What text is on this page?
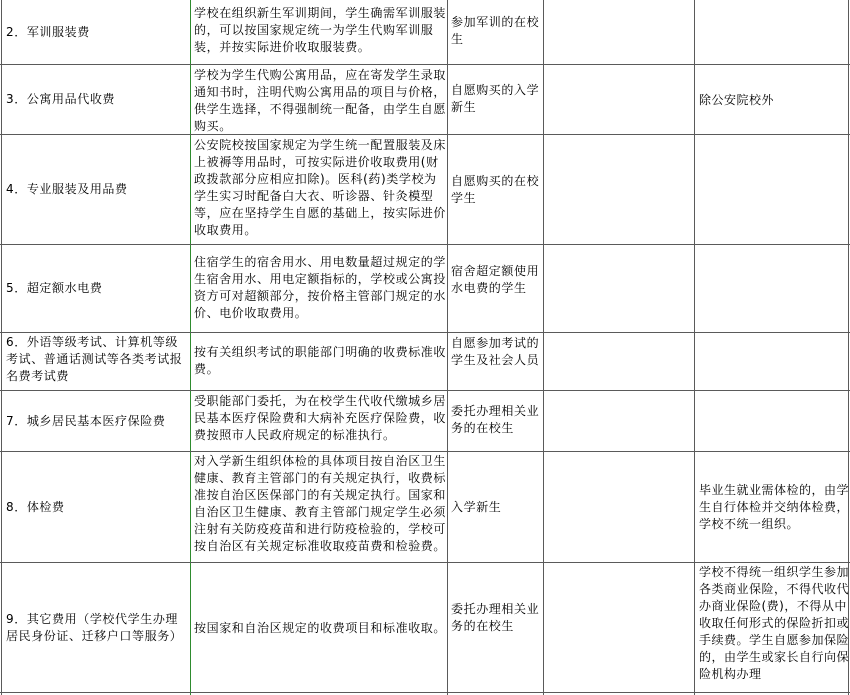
2．军训服装费
学校在组织新生军训期间，学生确需军训服装的，可以按国家规定统一为学生代购军训服装，并按实际进价收取服装费。
参加军训的在校生
3．公寓用品代收费
学校为学生代购公寓用品，应在寄发学生录取通知书时，注明代购公寓用品的项目与价格，供学生选择，不得强制统一配备，由学生自愿购买。
自愿购买的入学新生
除公安院校外
4．专业服装及用品费
公安院校按国家规定为学生统一配置服装及床上被褥等用品时，可按实际进价收取费用(财政拨款部分应相应扣除)。医科(药)类学校为学生实习时配备白大衣、听诊器、针灸模型等，应在坚持学生自愿的基础上，按实际进价收取费用。
自愿购买的在校学生
5．超定额水电费
住宿学生的宿舍用水、用电数量超过规定的学生宿舍用水、用电定额指标的，学校或公寓投资方可对超额部分，按价格主管部门规定的水价、电价收取费用。
宿舍超定额使用水电费的学生
6．外语等级考试、计算机等级考试、普通话测试等各类考试报名费考试费
按有关组织考试的职能部门明确的收费标准收费。
自愿参加考试的学生及社会人员
7．城乡居民基本医疗保险费
受职能部门委托，为在校学生代收代缴城乡居民基本医疗保险费和大病补充医疗保险费，收费按照市人民政府规定的标准执行。
委托办理相关业务的在校生
8．体检费
对入学新生组织体检的具体项目按自治区卫生健康、教育主管部门的有关规定执行，收费标准按自治区医保部门的有关规定执行。国家和自治区卫生健康、教育主管部门规定学生必须注射有关防疫疫苗和进行防疫检验的，学校可按自治区有关规定标准收取疫苗费和检验费。
入学新生
毕业生就业需体检的，由学生自行体检并交纳体检费，学校不统一组织。
9．其它费用（学校代学生办理居民身份证、迁移户口等服务）
按国家和自治区规定的收费项目和标准收取。
委托办理相关业务的在校生
学校不得统一组织学生参加各类商业保险，不得代收代办商业保险(费)，不得从中收取任何形式的保险折扣或手续费。学生自愿参加保险的，由学生或家长自行向保险机构办理
